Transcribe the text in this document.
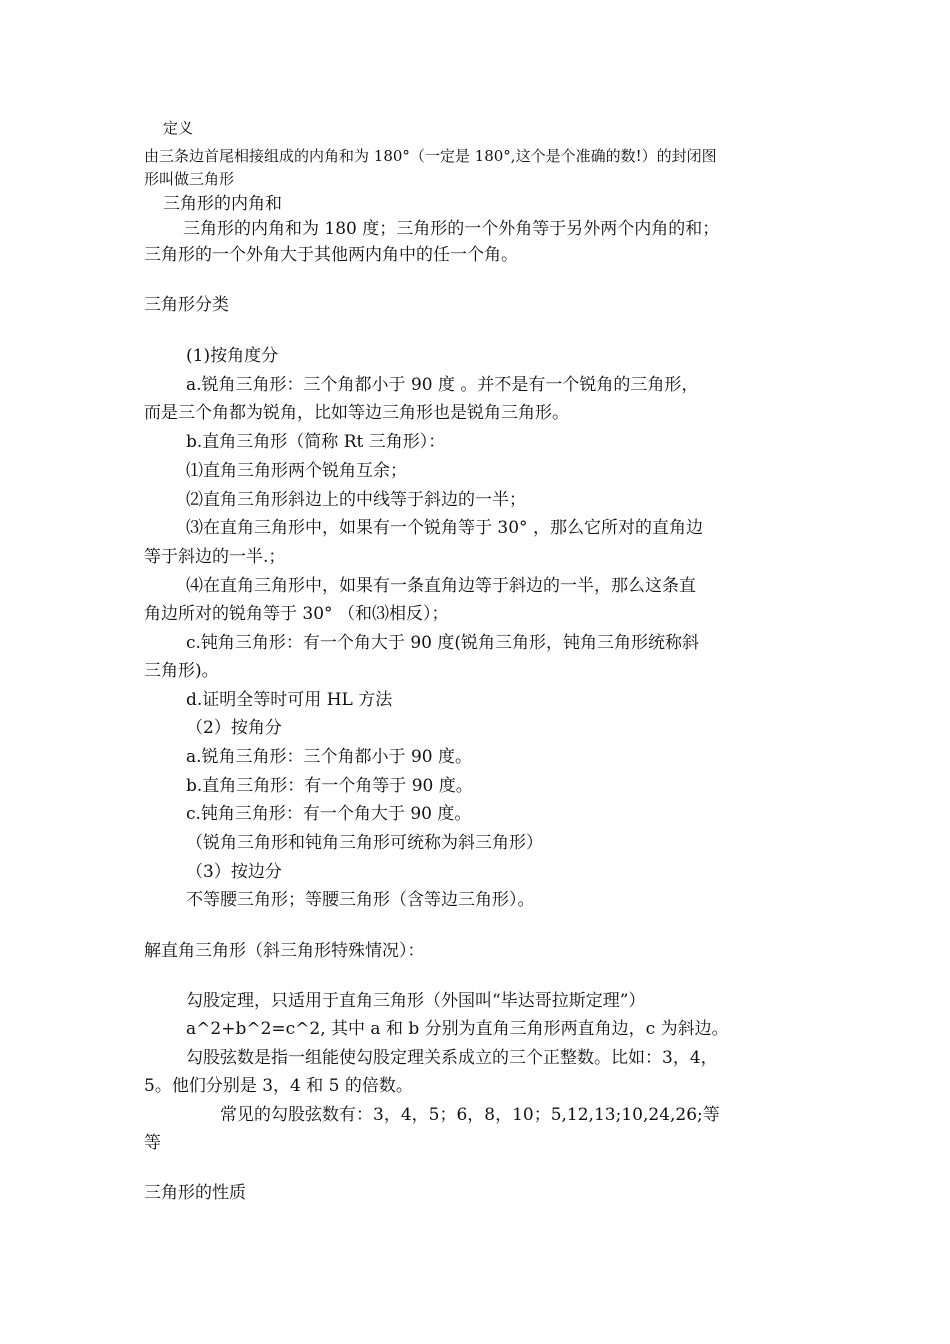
定义
由三条边首尾相接组成的内角和为 180°（一定是 180°,这个是个准确的数!）的封闭图
形叫做三角形
三角形的内角和
三角形的内角和为 180 度；三角形的一个外角等于另外两个内角的和；
三角形的一个外角大于其他两内角中的任一个角。
三角形分类
(1)按角度分
a.锐角三角形：三个角都小于 90 度 。并不是有一个锐角的三角形，
而是三个角都为锐角，比如等边三角形也是锐角三角形。
b.直角三角形（简称 Rt 三角形）：
⑴直角三角形两个锐角互余；
⑵直角三角形斜边上的中线等于斜边的一半；
⑶在直角三角形中，如果有一个锐角等于 30° ，那么它所对的直角边
等于斜边的一半.；
⑷在直角三角形中，如果有一条直角边等于斜边的一半，那么这条直
角边所对的锐角等于 30° （和⑶相反）；
c.钝角三角形：有一个角大于 90 度(锐角三角形，钝角三角形统称斜
三角形)。
d.证明全等时可用 HL 方法
（2）按角分
a.锐角三角形：三个角都小于 90 度。
b.直角三角形：有一个角等于 90 度。
c.钝角三角形：有一个角大于 90 度。
（锐角三角形和钝角三角形可统称为斜三角形）
（3）按边分
不等腰三角形；等腰三角形（含等边三角形）。
解直角三角形（斜三角形特殊情况）：
勾股定理，只适用于直角三角形（外国叫“毕达哥拉斯定理”）
a^2+b^2=c^2, 其中 a 和 b 分别为直角三角形两直角边，c 为斜边。
勾股弦数是指一组能使勾股定理关系成立的三个正整数。比如：3，4，
5。他们分别是 3，4 和 5 的倍数。
常见的勾股弦数有：3，4，5；6，8，10；5,12,13;10,24,26;等
等
三角形的性质
